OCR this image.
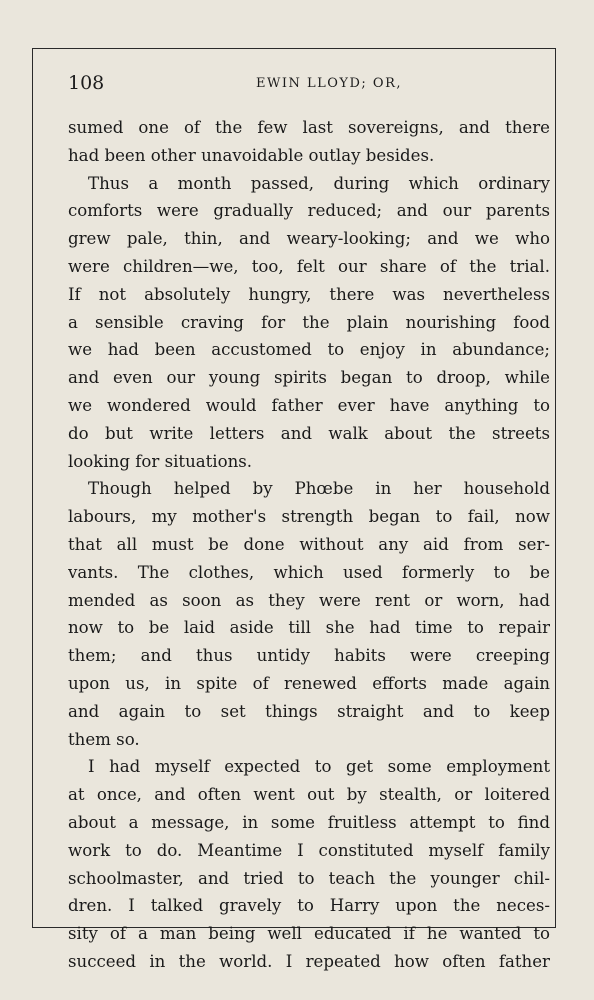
108	EWIN LLOYD; OR,
sumed one of the few last sovereigns, and there
had been other unavoidable outlay besides.
Thus a month passed, during which ordinary
comforts were gradually reduced; and our parents
grew pale, thin, and weary-looking; and we who
were children—we, too, felt our share of the trial.
If not absolutely hungry, there was nevertheless
a sensible craving for the plain nourishing food
we had been accustomed to enjoy in abundance;
and even our young spirits began to droop, while
we wondered would father ever have anything to
do but write letters and walk about the streets
looking for situations.
Though helped by Phœbe in her household
labours, my mother's strength began to fail, now
that all must be done without any aid from ser-
vants. The clothes, which used formerly to be
mended as soon as they were rent or worn, had
now to be laid aside till she had time to repair
them; and thus untidy habits were creeping
upon us, in spite of renewed efforts made again
and again to set things straight and to keep
them so.
I had myself expected to get some employment
at once, and often went out by stealth, or loitered
about a message, in some fruitless attempt to find
work to do. Meantime I constituted myself family
schoolmaster, and tried to teach the younger chil-
dren. I talked gravely to Harry upon the neces-
sity of a man being well educated if he wanted to
succeed in the world. I repeated how often father
